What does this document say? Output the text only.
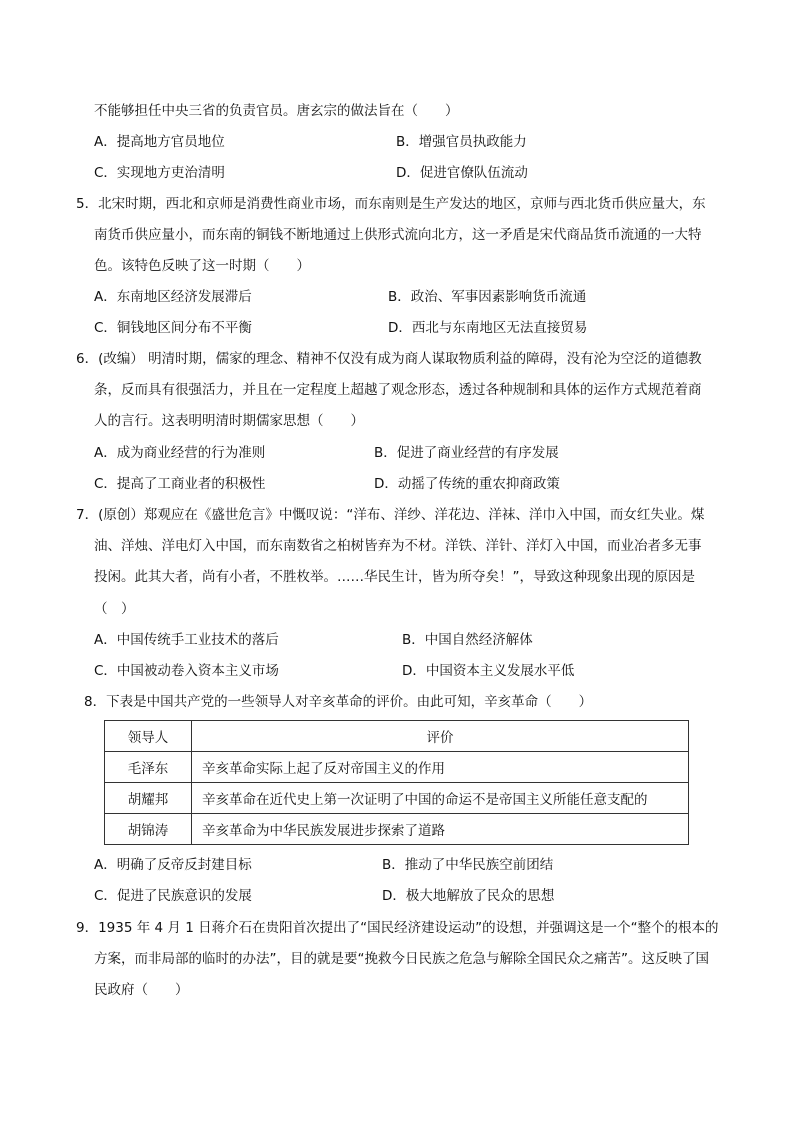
不能够担任中央三省的负责官员。唐玄宗的做法旨在（　　）
A．提高地方官员地位	B．增强官员执政能力
C．实现地方吏治清明	D．促进官僚队伍流动
5．北宋时期，西北和京师是消费性商业市场，而东南则是生产发达的地区，京师与西北货币供应量大，东
南货币供应量小，而东南的铜钱不断地通过上供形式流向北方，这一矛盾是宋代商品货币流通的一大特
色。该特色反映了这一时期（　　）
A．东南地区经济发展滞后	B．政治、军事因素影响货币流通
C．铜钱地区间分布不平衡	D．西北与东南地区无法直接贸易
6．(改编） 明清时期，儒家的理念、精神不仅没有成为商人谋取物质利益的障碍，没有沦为空泛的道德教
条，反而具有很强活力，并且在一定程度上超越了观念形态，透过各种规制和具体的运作方式规范着商
人的言行。这表明明清时期儒家思想（　　）
A．成为商业经营的行为准则	B．促进了商业经营的有序发展
C．提高了工商业者的积极性	D．动摇了传统的重农抑商政策
7．(原创）郑观应在《盛世危言》中慨叹说：“洋布、洋纱、洋花边、洋袜、洋巾入中国，而女红失业。煤
油、洋烛、洋电灯入中国，而东南数省之桕树皆弃为不材。洋铁、洋针、洋灯入中国，而业冶者多无事
投闲。此其大者，尚有小者，不胜枚举。……华民生计，皆为所夺矣！”，导致这种现象出现的原因是
（　）
A．中国传统手工业技术的落后	B．中国自然经济解体
C．中国被动卷入资本主义市场	D．中国资本主义发展水平低
8．下表是中国共产党的一些领导人对辛亥革命的评价。由此可知，辛亥革命（　　）
领导人	评价
毛泽东	辛亥革命实际上起了反对帝国主义的作用
胡耀邦	辛亥革命在近代史上第一次证明了中国的命运不是帝国主义所能任意支配的
胡锦涛	辛亥革命为中华民族发展进步探索了道路
A．明确了反帝反封建目标	B．推动了中华民族空前团结
C．促进了民族意识的发展	D．极大地解放了民众的思想
9．1935 年 4 月 1 日蒋介石在贵阳首次提出了“国民经济建设运动”的设想，并强调这是一个“整个的根本的
方案，而非局部的临时的办法”，目的就是要“挽救今日民族之危急与解除全国民众之痛苦”。这反映了国
民政府（　　）
